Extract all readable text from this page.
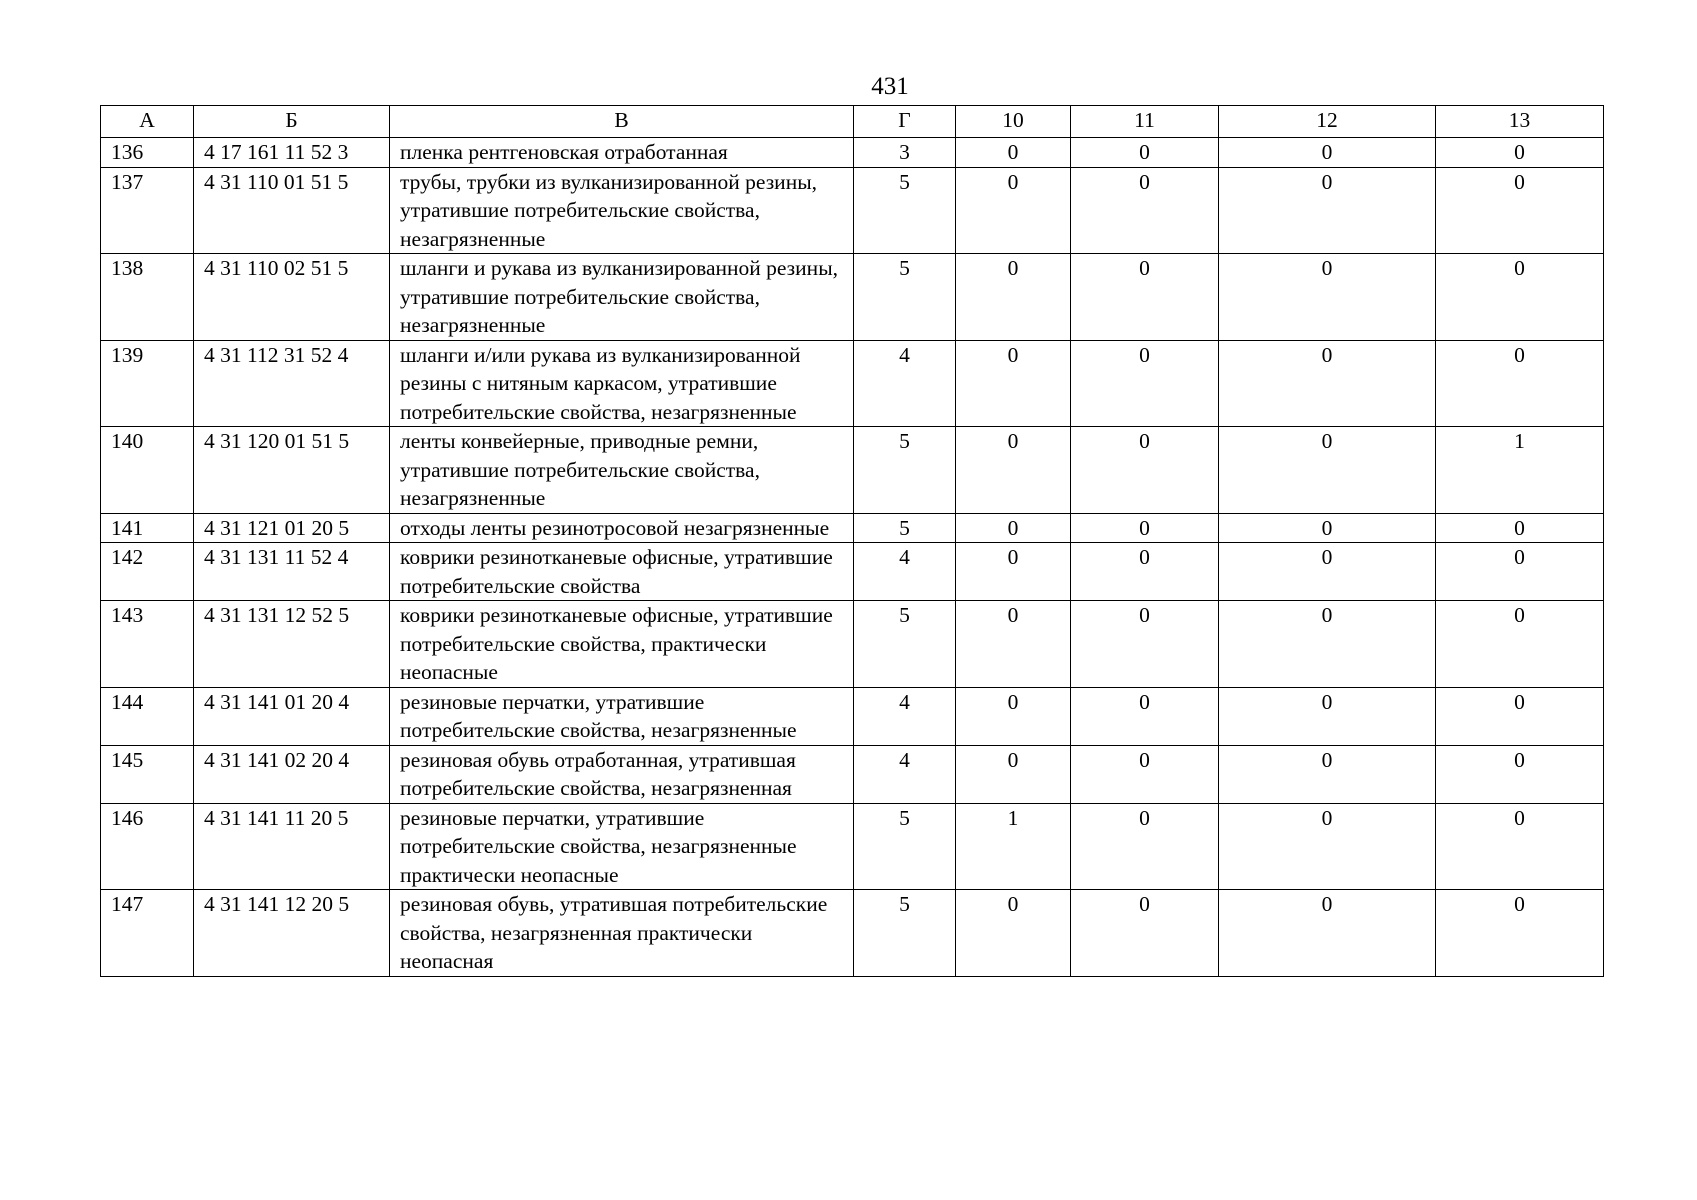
431
А	Б	В	Г	10	11	12	13
136	4 17 161 11 52 3	пленка рентгеновская отработанная	3	0	0	0	0
137	4 31 110 01 51 5	трубы, трубки из вулканизированной резины, утратившие потребительские свойства, незагрязненные	5	0	0	0	0
138	4 31 110 02 51 5	шланги и рукава из вулканизированной резины, утратившие потребительские свойства, незагрязненные	5	0	0	0	0
139	4 31 112 31 52 4	шланги и/или рукава из вулканизированной резины с нитяным каркасом, утратившие потребительские свойства, незагрязненные	4	0	0	0	0
140	4 31 120 01 51 5	ленты конвейерные, приводные ремни, утратившие потребительские свойства, незагрязненные	5	0	0	0	1
141	4 31 121 01 20 5	отходы ленты резинотросовой незагрязненные	5	0	0	0	0
142	4 31 131 11 52 4	коврики резинотканевые офисные, утратившие потребительские свойства	4	0	0	0	0
143	4 31 131 12 52 5	коврики резинотканевые офисные, утратившие потребительские свойства, практически неопасные	5	0	0	0	0
144	4 31 141 01 20 4	резиновые перчатки, утратившие потребительские свойства, незагрязненные	4	0	0	0	0
145	4 31 141 02 20 4	резиновая обувь отработанная, утратившая потребительские свойства, незагрязненная	4	0	0	0	0
146	4 31 141 11 20 5	резиновые перчатки, утратившие потребительские свойства, незагрязненные практически неопасные	5	1	0	0	0
147	4 31 141 12 20 5	резиновая обувь, утратившая потребительские свойства, незагрязненная практически неопасная	5	0	0	0	0
